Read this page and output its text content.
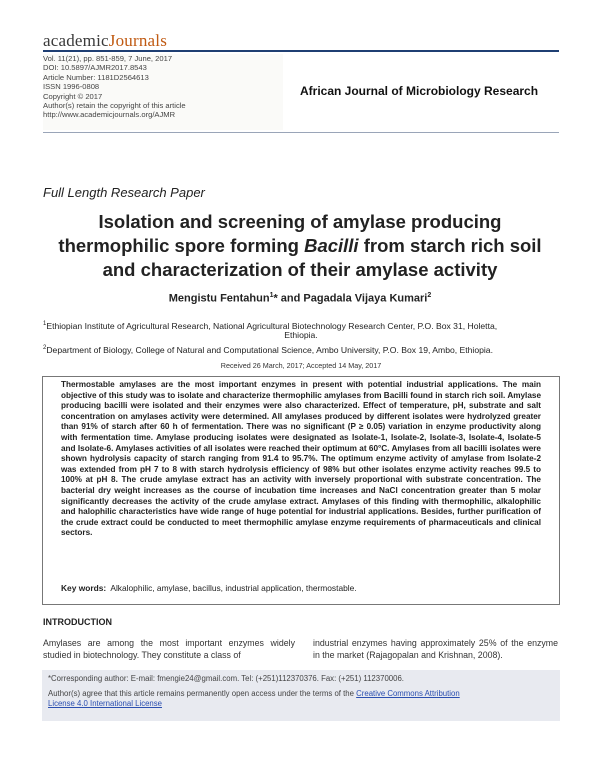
academicJournals
Vol. 11(21), pp. 851-859, 7 June, 2017
DOI: 10.5897/AJMR2017.8543
Article Number: 1181D2564613
ISSN 1996-0808
Copyright © 2017
Author(s) retain the copyright of this article
http://www.academicjournals.org/AJMR
African Journal of Microbiology Research
Full Length Research Paper
Isolation and screening of amylase producing
thermophilic spore forming Bacilli from starch rich soil
and characterization of their amylase activity
Mengistu Fentahun$^1$* and Pagadala Vijaya Kumari$^2$
$^1$Ethiopian Institute of Agricultural Research, National Agricultural Biotechnology Research Center, P.O. Box 31, Holetta,
Ethiopia.
$^2$Department of Biology, College of Natural and Computational Science, Ambo University, P.O. Box 19, Ambo, Ethiopia.
Received 26 March, 2017; Accepted 14 May, 2017
Thermostable amylases are the most important enzymes in present with potential industrial applications. The main objective of this study was to isolate and characterize thermophilic amylases from Bacilli found in starch rich soil. Amylase producing bacilli were isolated and their enzymes were also characterized. Effect of temperature, pH, substrate and salt concentration on amylases activity were determined. All amylases produced by different isolates were hydrolyzed greater than 91% of starch after 60 h of fermentation. There was no significant (P ≥ 0.05) variation in enzyme productivity along with fermentation time. Amylase producing isolates were designated as Isolate-1, Isolate-2, Isolate-3, Isolate-4, Isolate-5 and Isolate-6. Amylases activities of all isolates were reached their optimum at 60°C. Amylases from all bacilli isolates were shown hydrolysis capacity of starch ranging from 91.4 to 95.7%. The optimum enzyme activity of amylase from Isolate-2 was extended from pH 7 to 8 with starch hydrolysis efficiency of 98% but other isolates enzyme activity reaches 99.5 to 100% at pH 8. The crude amylase extract has an activity with inversely proportional with substrate concentration. The bacterial dry weight increases as the course of incubation time increases and NaCl concentration greater than 5 molar significantly decreases the activity of the crude amylase extract. Amylases of this finding with thermophilic, alkalophilic and halophilic characteristics have wide range of huge potential for industrial applications. Besides, further purification of the crude extract could be conducted to meet thermophilic amylase enzyme requirements of pharmaceuticals and clinical sectors.
Key words: Alkalophilic, amylase, bacillus, industrial application, thermostable.
INTRODUCTION
Amylases are among the most important enzymes widely studied in biotechnology. They constitute a class of
industrial enzymes having approximately 25% of the enzyme in the market (Rajagopalan and Krishnan, 2008).
*Corresponding author: E-mail: fmengie24@gmail.com. Tel: (+251)112370376. Fax: (+251) 112370006.
Author(s) agree that this article remains permanently open access under the terms of the Creative Commons Attribution
License 4.0 International License
